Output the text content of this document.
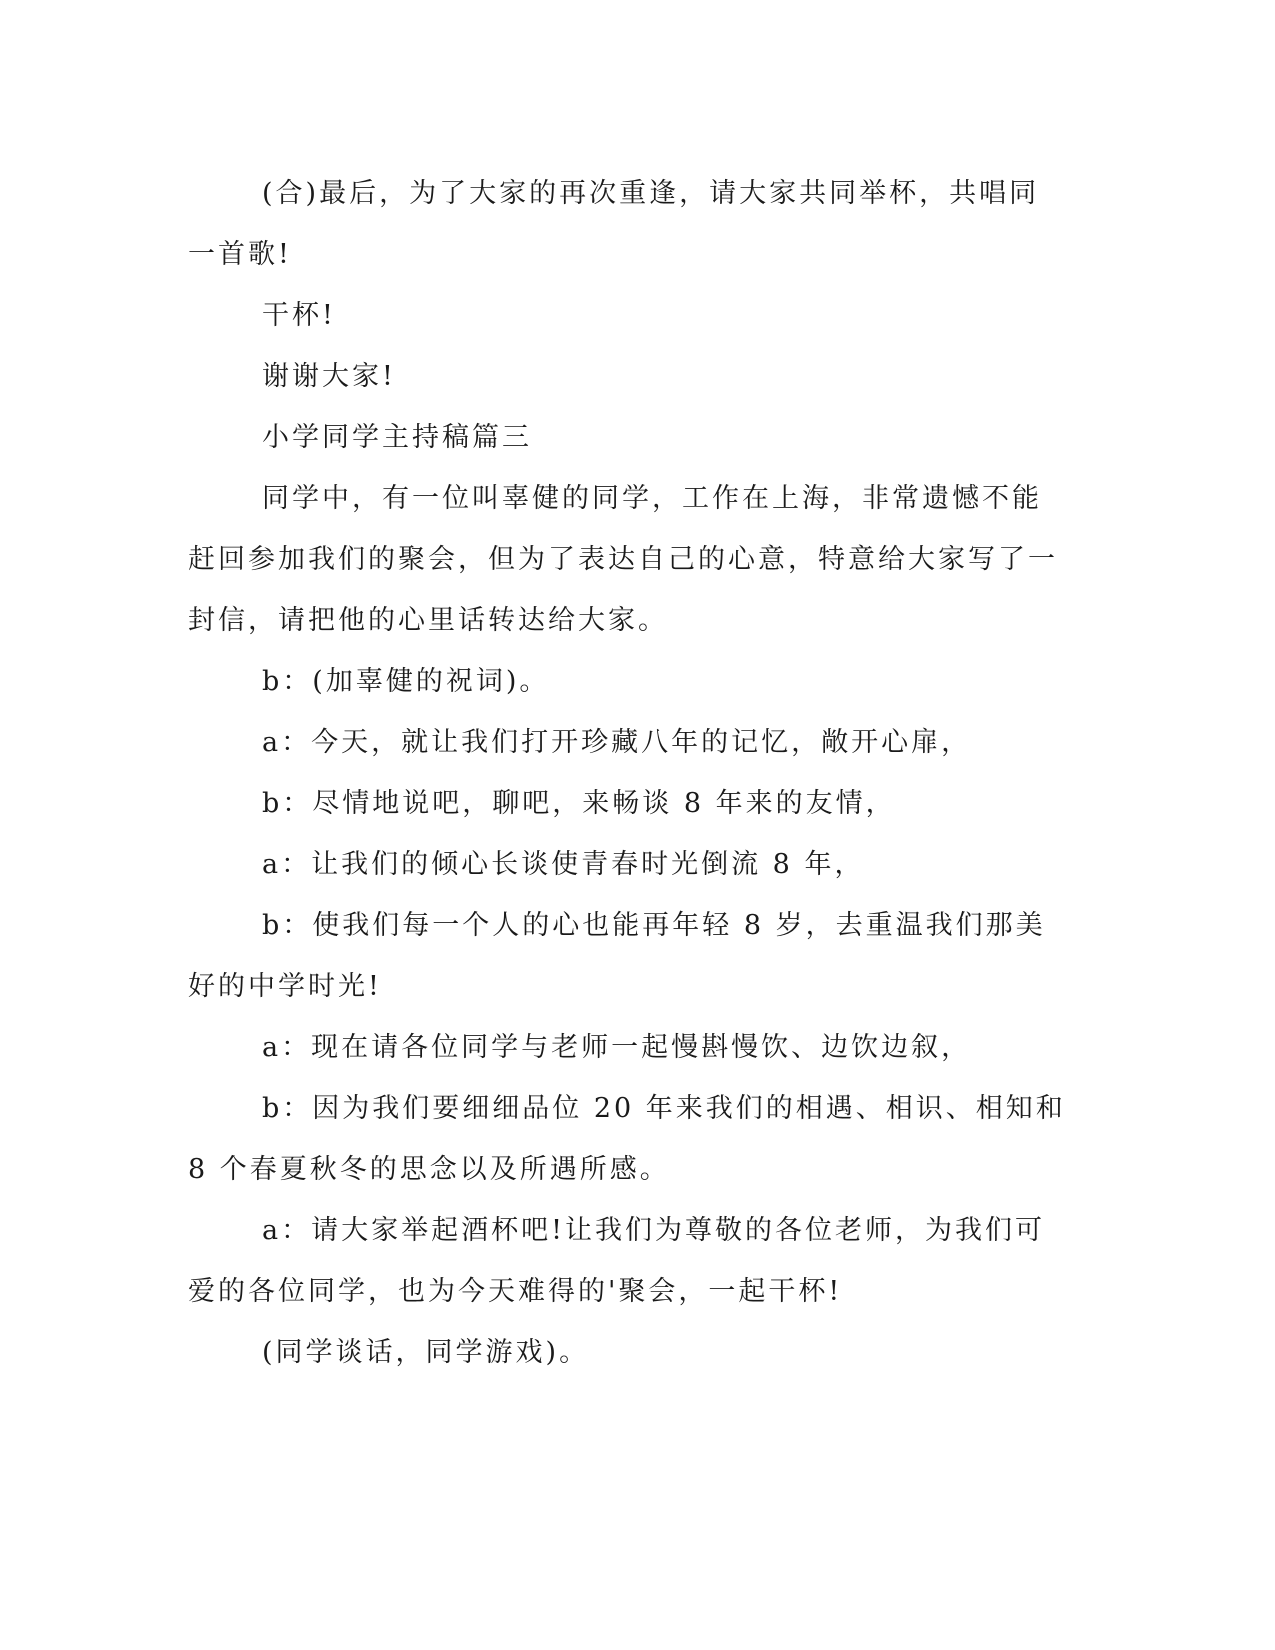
(合)最后，为了大家的再次重逢，请大家共同举杯，共唱同一首歌!

干杯!

谢谢大家!

小学同学主持稿篇三

同学中，有一位叫辜健的同学，工作在上海，非常遗憾不能赶回参加我们的聚会，但为了表达自己的心意，特意给大家写了一封信，请把他的心里话转达给大家。

b：(加辜健的祝词)。

a：今天，就让我们打开珍藏八年的记忆，敞开心扉，

b：尽情地说吧，聊吧，来畅谈 8 年来的友情，

a：让我们的倾心长谈使青春时光倒流 8 年，

b：使我们每一个人的心也能再年轻 8 岁，去重温我们那美好的中学时光!

a：现在请各位同学与老师一起慢斟慢饮、边饮边叙，

b：因为我们要细细品位 20 年来我们的相遇、相识、相知和 8 个春夏秋冬的思念以及所遇所感。

a：请大家举起酒杯吧!让我们为尊敬的各位老师，为我们可爱的各位同学，也为今天难得的'聚会，一起干杯!

(同学谈话，同学游戏)。
